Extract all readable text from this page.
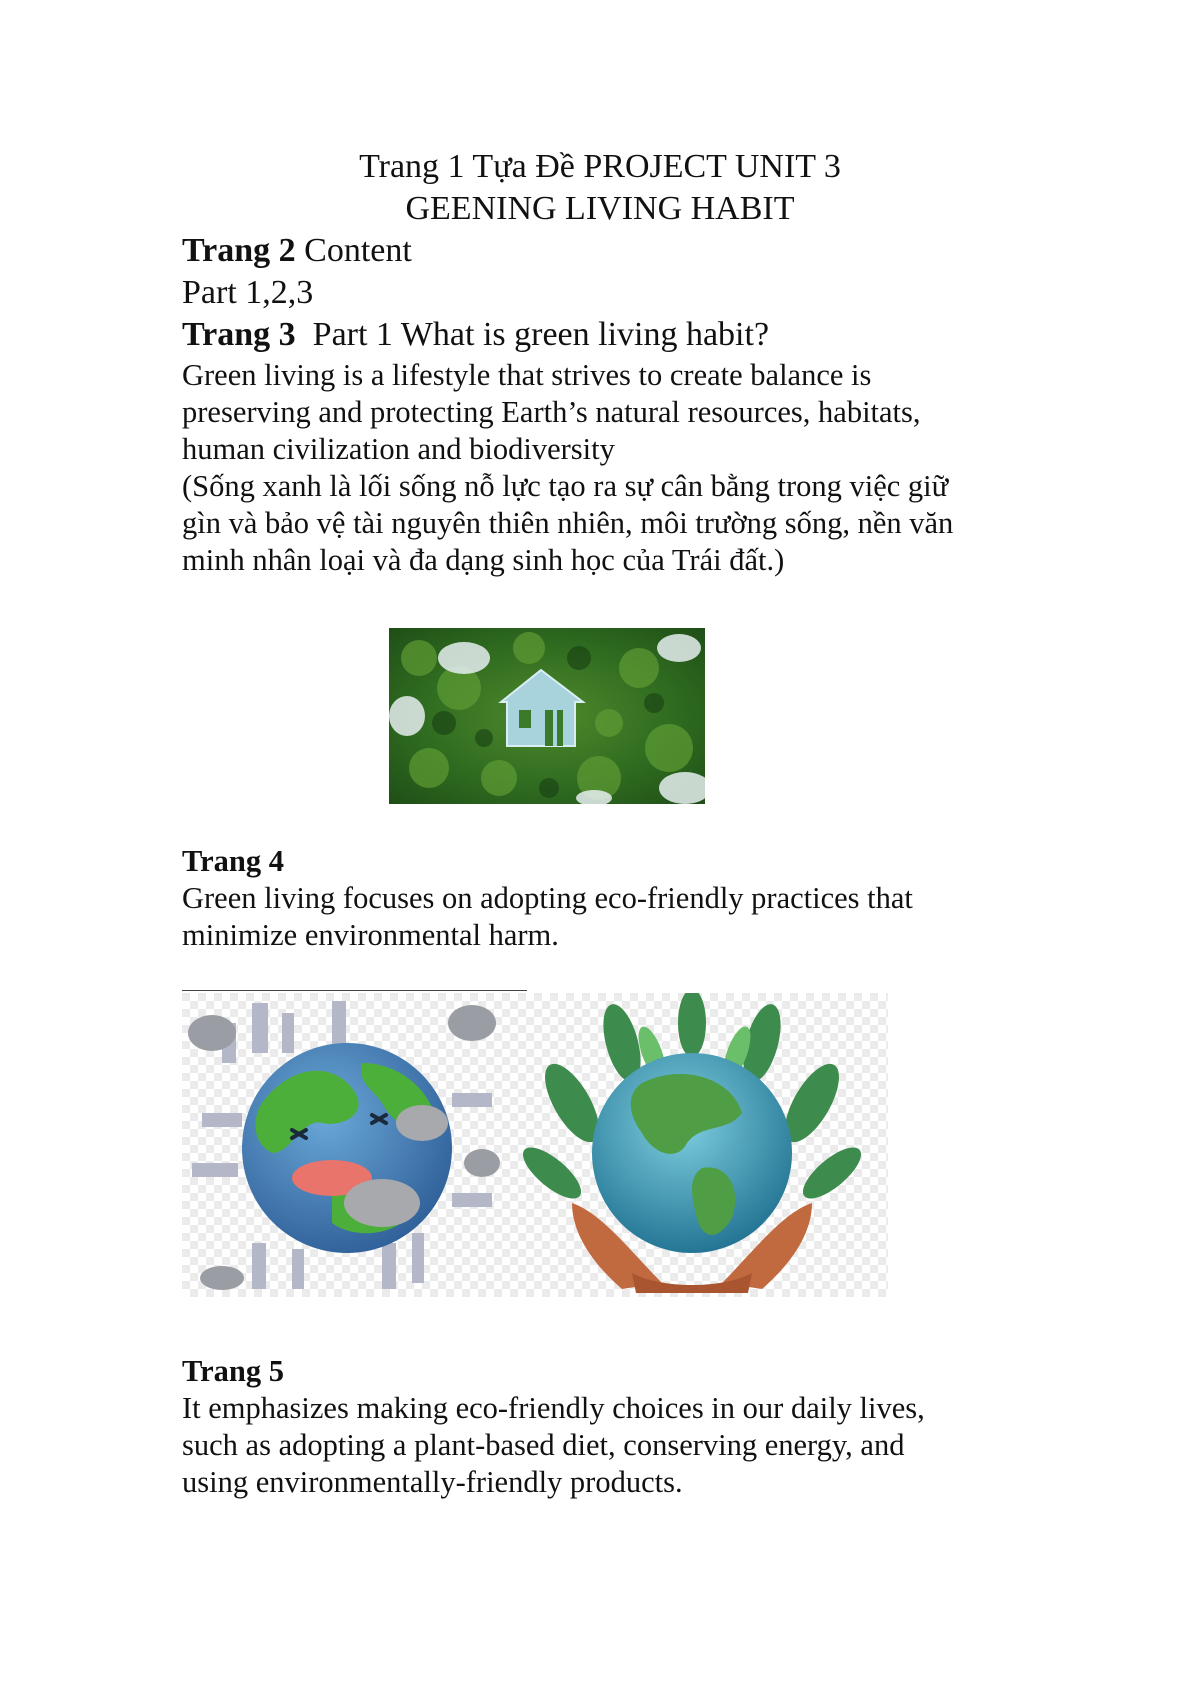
Trang 1 Tựa Đề PROJECT UNIT 3
GEENING LIVING HABIT
Trang 2 Content
Part 1,2,3
Trang 3  Part 1 What is green living habit?
Green living is a lifestyle that strives to create balance is
preserving and protecting Earth’s natural resources, habitats,
human civilization and biodiversity
(Sống xanh là lối sống nỗ lực tạo ra sự cân bằng trong việc giữ
gìn và bảo vệ tài nguyên thiên nhiên, môi trường sống, nền văn
minh nhân loại và đa dạng sinh học của Trái đất.)
Trang 4
Green living focuses on adopting eco-friendly practices that
minimize environmental harm.
Trang 5
It emphasizes making eco-friendly choices in our daily lives,
such as adopting a plant-based diet, conserving energy, and
using environmentally-friendly products.
